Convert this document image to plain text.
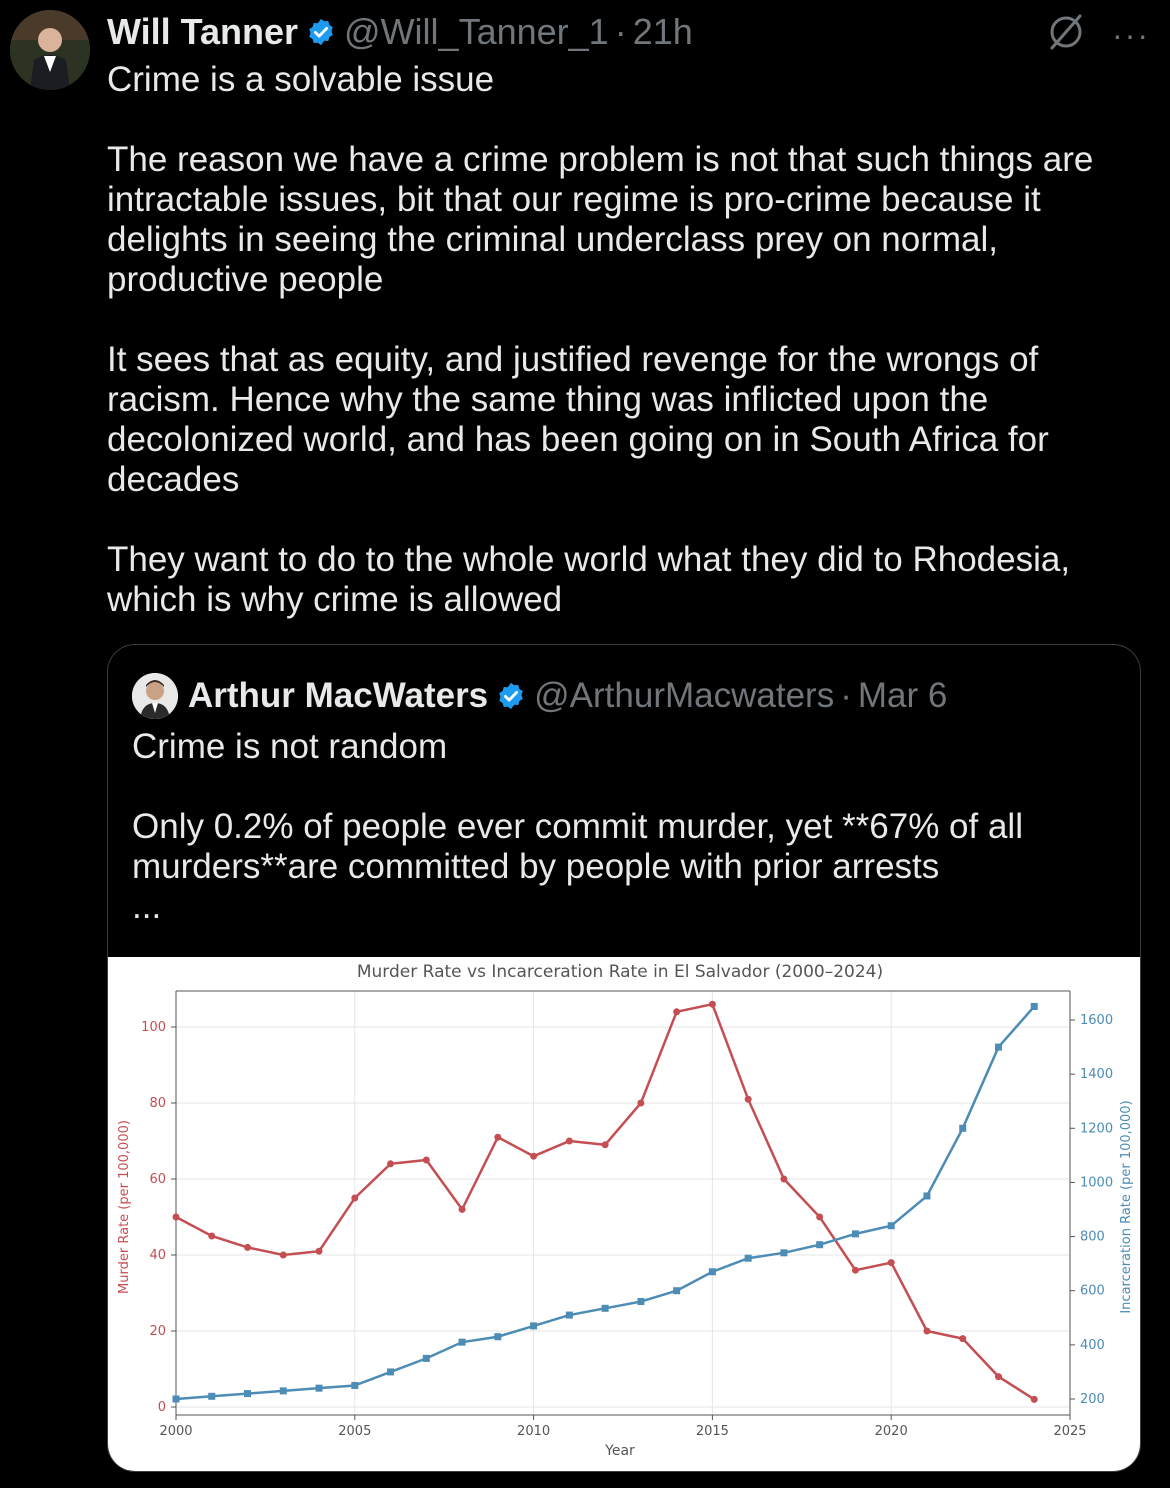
Will Tanner @Will_Tanner_1 · 21h	···
Crime is a solvable issue

The reason we have a crime problem is not that such things are intractable issues, bit that our regime is pro-crime because it delights in seeing the criminal underclass prey on normal, productive people

It sees that as equity, and justified revenge for the wrongs of racism. Hence why the same thing was inflicted upon the decolonized world, and has been going on in South Africa for decades

They want to do to the whole world what they did to Rhodesia, which is why crime is allowed
Arthur MacWaters @ArthurMacwaters · Mar 6
Crime is not random

Only 0.2% of people ever commit murder, yet **67% of all murders**are committed by people with prior arrests
...
2000	2005	2010	2015	2020	2025
0
20
40
60
80
100
200
400
600
800
1000
1200
1400
1600
Murder Rate vs Incarceration Rate in El Salvador (2000–2024)
Year
Murder Rate (per 100,000)	Incarceration Rate (per 100,000)
